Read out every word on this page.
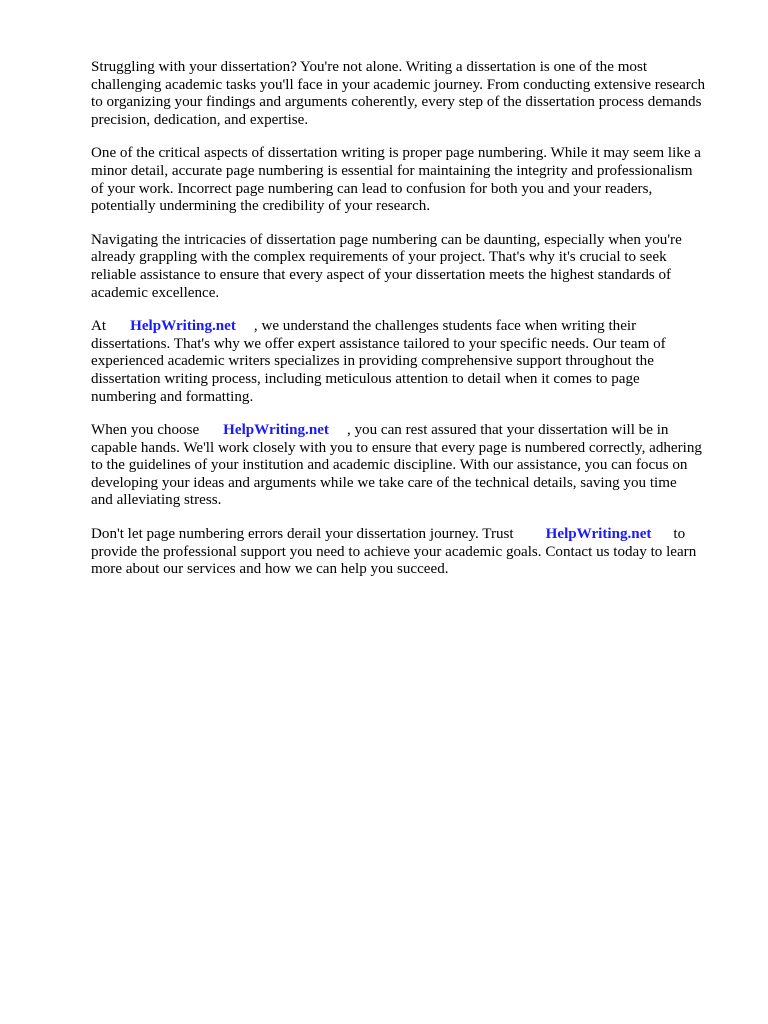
Struggling with your dissertation? You're not alone. Writing a dissertation is one of the most
challenging academic tasks you'll face in your academic journey. From conducting extensive research
to organizing your findings and arguments coherently, every step of the dissertation process demands
precision, dedication, and expertise.

One of the critical aspects of dissertation writing is proper page numbering. While it may seem like a
minor detail, accurate page numbering is essential for maintaining the integrity and professionalism
of your work. Incorrect page numbering can lead to confusion for both you and your readers,
potentially undermining the credibility of your research.

Navigating the intricacies of dissertation page numbering can be daunting, especially when you're
already grappling with the complex requirements of your project. That's why it's crucial to seek
reliable assistance to ensure that every aspect of your dissertation meets the highest standards of
academic excellence.

At HelpWriting.net , we understand the challenges students face when writing their
dissertations. That's why we offer expert assistance tailored to your specific needs. Our team of
experienced academic writers specializes in providing comprehensive support throughout the
dissertation writing process, including meticulous attention to detail when it comes to page
numbering and formatting.

When you choose HelpWriting.net , you can rest assured that your dissertation will be in
capable hands. We'll work closely with you to ensure that every page is numbered correctly, adhering
to the guidelines of your institution and academic discipline. With our assistance, you can focus on
developing your ideas and arguments while we take care of the technical details, saving you time
and alleviating stress.

Don't let page numbering errors derail your dissertation journey. Trust HelpWriting.net to
provide the professional support you need to achieve your academic goals. Contact us today to learn
more about our services and how we can help you succeed.
